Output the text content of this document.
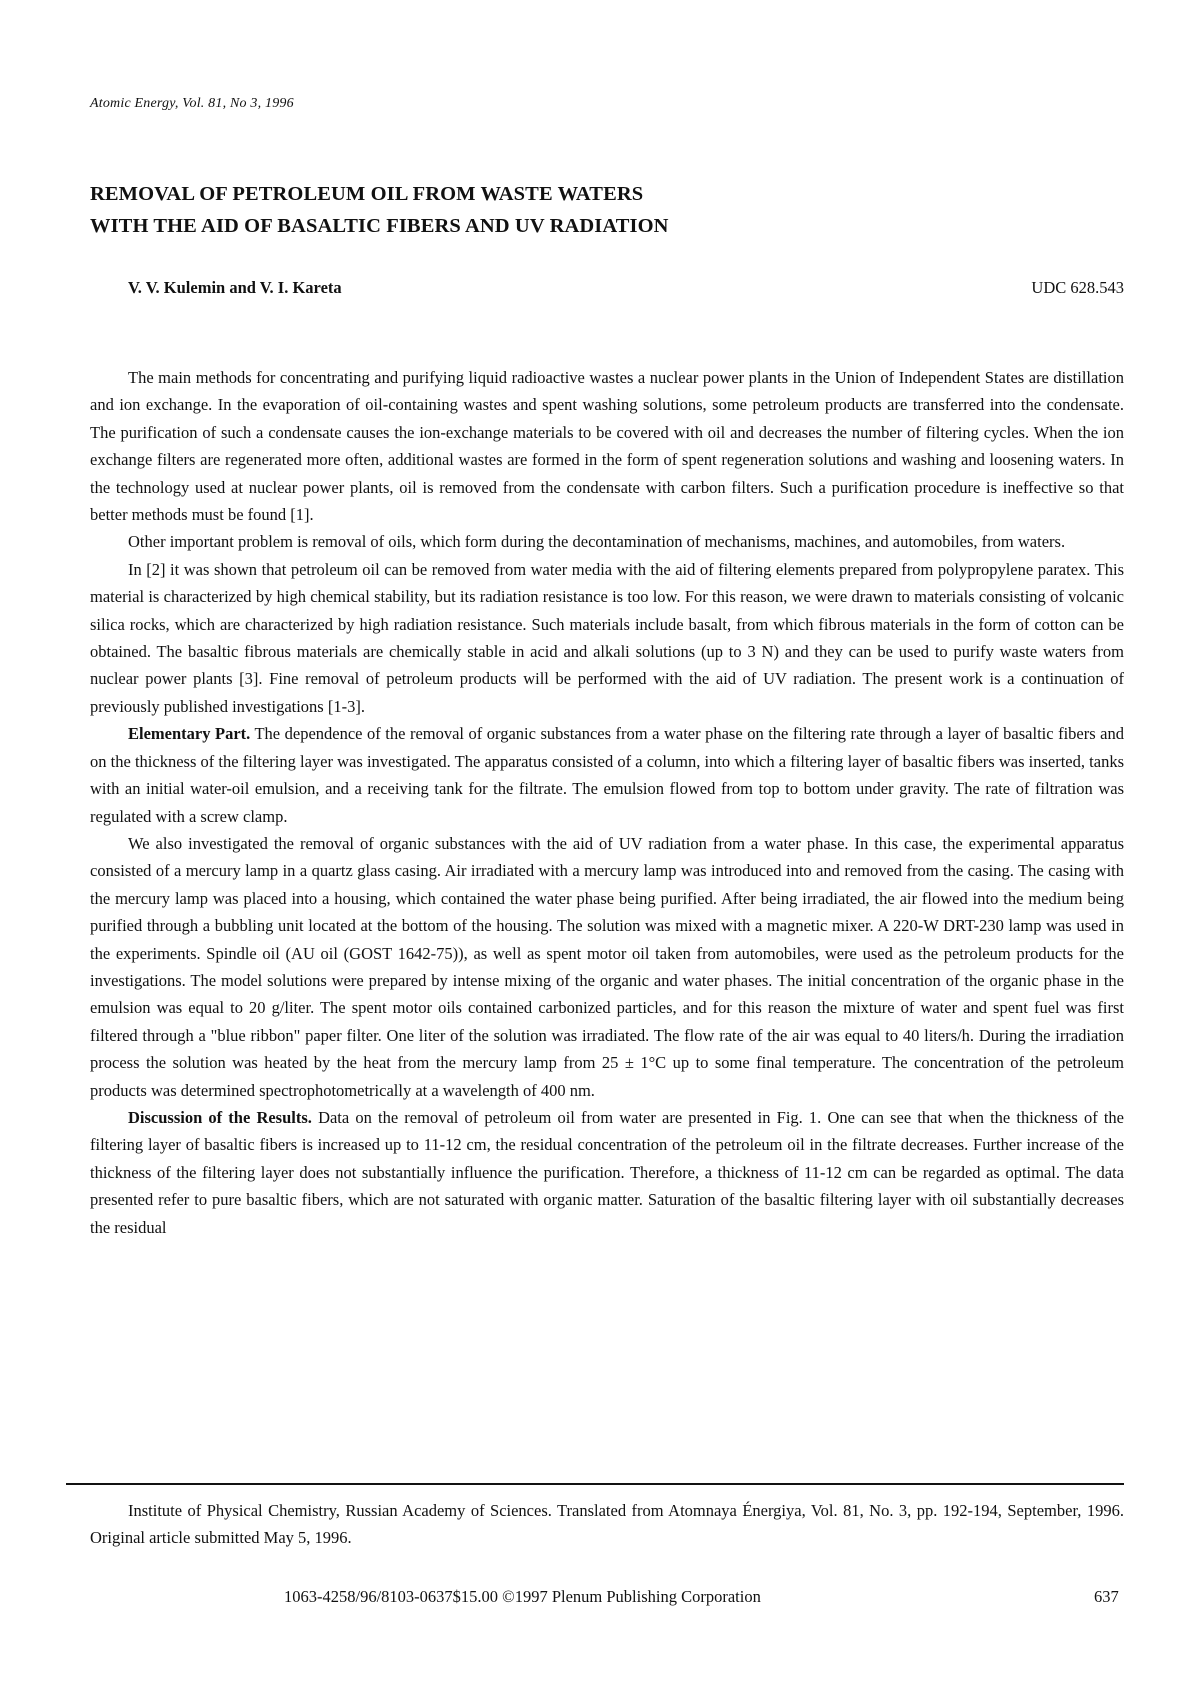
Atomic Energy, Vol. 81, No 3, 1996
REMOVAL OF PETROLEUM OIL FROM WASTE WATERS
WITH THE AID OF BASALTIC FIBERS AND UV RADIATION
V. V. Kulemin and V. I. Kareta	UDC 628.543

The main methods for concentrating and purifying liquid radioactive wastes a nuclear power plants in the Union of Independent States are distillation and ion exchange. In the evaporation of oil-containing wastes and spent washing solutions, some petroleum products are transferred into the condensate. The purification of such a condensate causes the ion-exchange materials to be covered with oil and decreases the number of filtering cycles. When the ion exchange filters are regenerated more often, additional wastes are formed in the form of spent regeneration solutions and washing and loosening waters. In the technology used at nuclear power plants, oil is removed from the condensate with carbon filters. Such a purification procedure is ineffective so that better methods must be found [1].

Other important problem is removal of oils, which form during the decontamination of mechanisms, machines, and automobiles, from waters.

In [2] it was shown that petroleum oil can be removed from water media with the aid of filtering elements prepared from polypropylene paratex. This material is characterized by high chemical stability, but its radiation resistance is too low. For this reason, we were drawn to materials consisting of volcanic silica rocks, which are characterized by high radiation resistance. Such materials include basalt, from which fibrous materials in the form of cotton can be obtained. The basaltic fibrous materials are chemically stable in acid and alkali solutions (up to 3 N) and they can be used to purify waste waters from nuclear power plants [3]. Fine removal of petroleum products will be performed with the aid of UV radiation. The present work is a continuation of previously published investigations [1-3].

Elementary Part. The dependence of the removal of organic substances from a water phase on the filtering rate through a layer of basaltic fibers and on the thickness of the filtering layer was investigated. The apparatus consisted of a column, into which a filtering layer of basaltic fibers was inserted, tanks with an initial water-oil emulsion, and a receiving tank for the filtrate. The emulsion flowed from top to bottom under gravity. The rate of filtration was regulated with a screw clamp.

We also investigated the removal of organic substances with the aid of UV radiation from a water phase. In this case, the experimental apparatus consisted of a mercury lamp in a quartz glass casing. Air irradiated with a mercury lamp was introduced into and removed from the casing. The casing with the mercury lamp was placed into a housing, which contained the water phase being purified. After being irradiated, the air flowed into the medium being purified through a bubbling unit located at the bottom of the housing. The solution was mixed with a magnetic mixer. A 220-W DRT-230 lamp was used in the experiments. Spindle oil (AU oil (GOST 1642-75)), as well as spent motor oil taken from automobiles, were used as the petroleum products for the investigations. The model solutions were prepared by intense mixing of the organic and water phases. The initial concentration of the organic phase in the emulsion was equal to 20 g/liter. The spent motor oils contained carbonized particles, and for this reason the mixture of water and spent fuel was first filtered through a "blue ribbon" paper filter. One liter of the solution was irradiated. The flow rate of the air was equal to 40 liters/h. During the irradiation process the solution was heated by the heat from the mercury lamp from 25 ± 1°C up to some final temperature. The concentration of the petroleum products was determined spectrophotometrically at a wavelength of 400 nm.

Discussion of the Results. Data on the removal of petroleum oil from water are presented in Fig. 1. One can see that when the thickness of the filtering layer of basaltic fibers is increased up to 11-12 cm, the residual concentration of the petroleum oil in the filtrate decreases. Further increase of the thickness of the filtering layer does not substantially influence the purification. Therefore, a thickness of 11-12 cm can be regarded as optimal. The data presented refer to pure basaltic fibers, which are not saturated with organic matter. Saturation of the basaltic filtering layer with oil substantially decreases the residual

Institute of Physical Chemistry, Russian Academy of Sciences. Translated from Atomnaya Énergiya, Vol. 81, No. 3, pp. 192-194, September, 1996. Original article submitted May 5, 1996.

1063-4258/96/8103-0637$15.00 ©1997 Plenum Publishing Corporation	637
